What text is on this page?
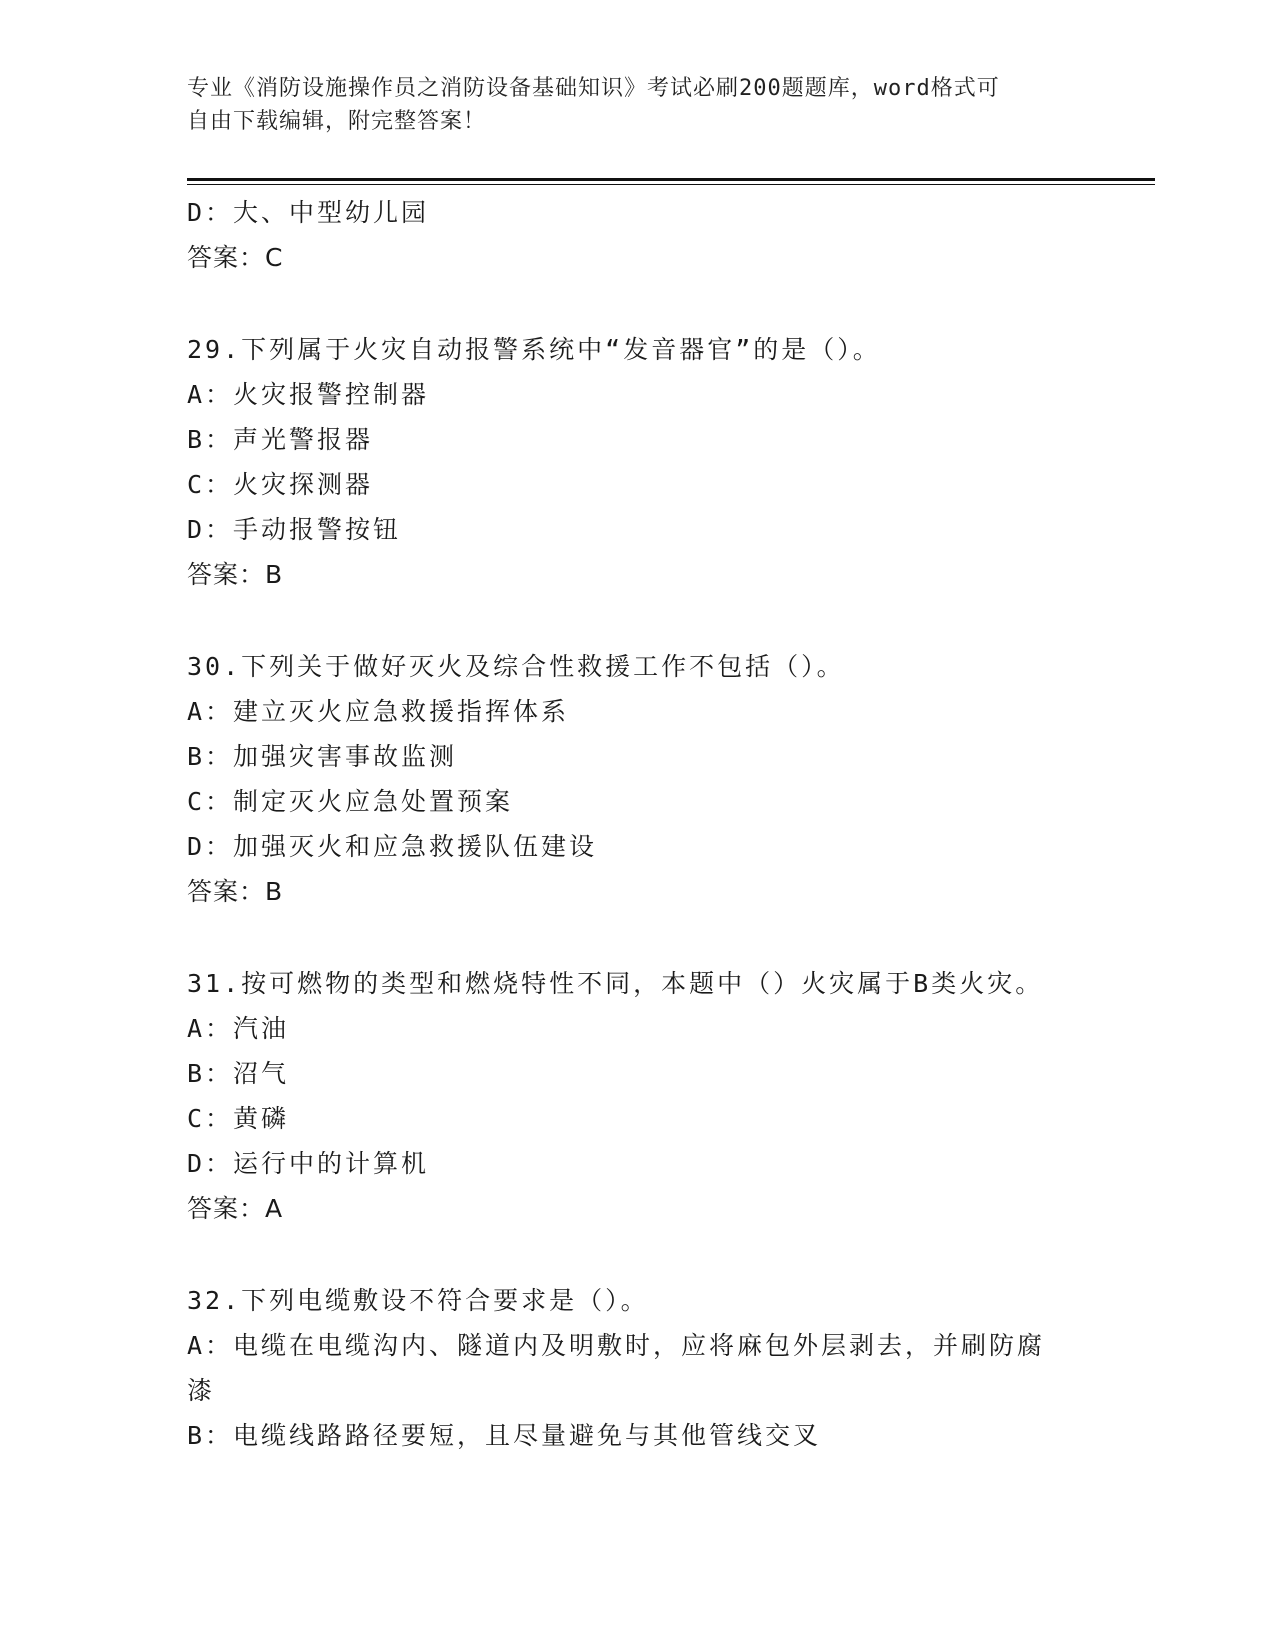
专业《消防设施操作员之消防设备基础知识》考试必刷200题题库，word格式可
自由下载编辑，附完整答案！
D：大、中型幼儿园
答案：C
29.下列属于火灾自动报警系统中“发音器官”的是（）。
A：火灾报警控制器
B：声光警报器
C：火灾探测器
D：手动报警按钮
答案：B
30.下列关于做好灭火及综合性救援工作不包括（）。
A：建立灭火应急救援指挥体系
B：加强灾害事故监测
C：制定灭火应急处置预案
D：加强灭火和应急救援队伍建设
答案：B
31.按可燃物的类型和燃烧特性不同，本题中（）火灾属于B类火灾。
A：汽油
B：沼气
C：黄磷
D：运行中的计算机
答案：A
32.下列电缆敷设不符合要求是（）。
A：电缆在电缆沟内、隧道内及明敷时，应将麻包外层剥去，并刷防腐
漆
B：电缆线路路径要短，且尽量避免与其他管线交叉
